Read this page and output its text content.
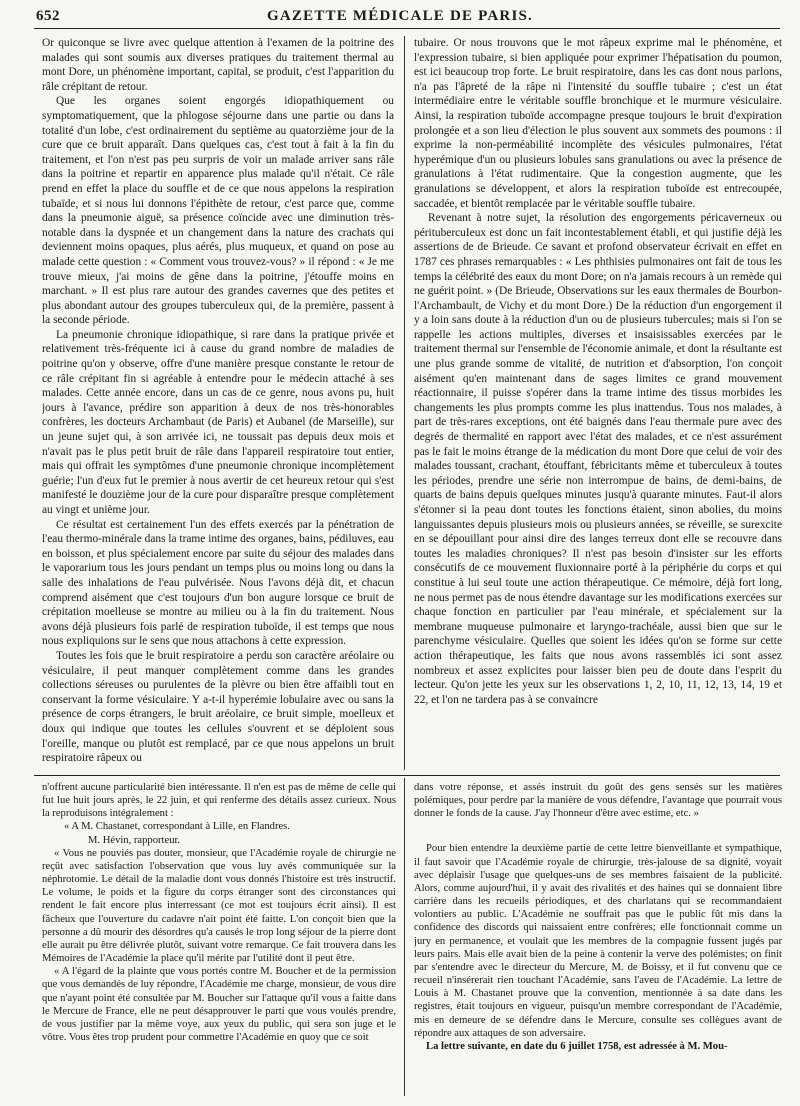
652	GAZETTE MÉDICALE DE PARIS.

Or quiconque se livre avec quelque attention à l'examen de la poitrine des malades qui sont soumis aux diverses pratiques du traitement thermal au mont Dore, un phénomène important, capital, se produit, c'est l'apparition du râle crépitant de retour.

Que les organes soient engorgés idiopathiquement ou symptomatiquement, que la phlogose séjourne dans une partie ou dans la totalité d'un lobe, c'est ordinairement du septième au quatorzième jour de la cure que ce bruit apparaît. Dans quelques cas, c'est tout à fait à la fin du traitement, et l'on n'est pas peu surpris de voir un malade arriver sans râle dans la poitrine et repartir en apparence plus malade qu'il n'était. Ce râle prend en effet la place du souffle et de ce que nous appelons la respiration tubaïde, et si nous lui donnons l'épithète de retour, c'est parce que, comme dans la pneumonie aiguë, sa présence coïncide avec une diminution très-notable dans la dyspnée et un changement dans la nature des crachats qui deviennent moins opaques, plus aérés, plus muqueux, et quand on pose au malade cette question : « Comment vous trouvez-vous? » il répond : « Je me trouve mieux, j'ai moins de gêne dans la poitrine, j'étouffe moins en marchant. » Il est plus rare autour des grandes cavernes que des petites et plus abondant autour des groupes tuberculeux qui, de la première, passent à la seconde période.

La pneumonie chronique idiopathique, si rare dans la pratique privée et relativement très-fréquente ici à cause du grand nombre de maladies de poitrine qu'on y observe, offre d'une manière presque constante le retour de ce râle crépitant fin si agréable à entendre pour le médecin attaché à ses malades. Cette année encore, dans un cas de ce genre, nous avons pu, huit jours à l'avance, prédire son apparition à deux de nos très-honorables confrères, les docteurs Archambaut (de Paris) et Aubanel (de Marseille), sur un jeune sujet qui, à son arrivée ici, ne toussait pas depuis deux mois et n'avait pas le plus petit bruit de râle dans l'appareil respiratoire tout entier, mais qui offrait les symptômes d'une pneumonie chronique incomplètement guérie; l'un d'eux fut le premier à nous avertir de cet heureux retour qui s'est manifesté le douzième jour de la cure pour disparaître presque complètement au vingt et unième jour.

Ce résultat est certainement l'un des effets exercés par la pénétration de l'eau thermo-minérale dans la trame intime des organes, bains, pédiluves, eau en boisson, et plus spécialement encore par suite du séjour des malades dans le vaporarium tous les jours pendant un temps plus ou moins long ou dans la salle des inhalations de l'eau pulvérisée. Nous l'avons déjà dit, et chacun comprend aisément que c'est toujours d'un bon augure lorsque ce bruit de crépitation moelleuse se montre au milieu ou à la fin du traitement. Nous avons déjà plusieurs fois parlé de respiration tuboïde, il est temps que nous nous expliquions sur le sens que nous attachons à cette expression.

Toutes les fois que le bruit respiratoire a perdu son caractère aréolaire ou vésiculaire, il peut manquer complètement comme dans les grandes collections séreuses ou purulentes de la plèvre ou bien être affaibli tout en conservant la forme vésiculaire. Y a-t-il hyperémie lobulaire avec ou sans la présence de corps étrangers, le bruit aréolaire, ce bruit simple, moelleux et doux qui indique que toutes les cellules s'ouvrent et se déploient sous l'oreille, manque ou plutôt est remplacé, par ce que nous appelons un bruit respiratoire râpeux ou

tubaire. Or nous trouvons que le mot râpeux exprime mal le phénomène, et l'expression tubaire, si bien appliquée pour exprimer l'hépatisation du poumon, est ici beaucoup trop forte. Le bruit respiratoire, dans les cas dont nous parlons, n'a pas l'âpreté de la râpe ni l'intensité du souffle tubaire ; c'est un état intermédiaire entre le véritable souffle bronchique et le murmure vésiculaire. Ainsi, la respiration tuboïde accompagne presque toujours le bruit d'expiration prolongée et a son lieu d'élection le plus souvent aux sommets des poumons : il exprime la non-perméabilité incomplète des vésicules pulmonaires, l'état hyperémique d'un ou plusieurs lobules sans granulations ou avec la présence de granulations à l'état rudimentaire. Que la congestion augmente, que les granulations se développent, et alors la respiration tuboïde est entrecoupée, saccadée, et bientôt remplacée par le véritable souffle tubaire.

Revenant à notre sujet, la résolution des engorgements péricaverneux ou péritubercuIeux est donc un fait incontestablement établi, et qui justifie déjà les assertions de de Brieude. Ce savant et profond observateur écrivait en effet en 1787 ces phrases remarquables : « Les phthisies pulmonaires ont fait de tous les temps la célébrité des eaux du mont Dore; on n'a jamais recours à un remède qui ne guérit point. » (De Brieude, Observations sur les eaux thermales de Bourbon-l'Archambault, de Vichy et du mont Dore.) De la réduction d'un engorgement il y a loin sans doute à la réduction d'un ou de plusieurs tubercules; mais si l'on se rappelle les actions multiples, diverses et insaisissables exercées par le traitement thermal sur l'ensemble de l'économie animale, et dont la résultante est une plus grande somme de vitalité, de nutrition et d'absorption, l'on conçoit aisément qu'en maintenant dans de sages limites ce grand mouvement réactionnaire, il puisse s'opérer dans la trame intime des tissus morbides les changements les plus prompts comme les plus inattendus. Tous nos malades, à part de très-rares exceptions, ont été baignés dans l'eau thermale pure avec des degrés de thermalité en rapport avec l'état des malades, et ce n'est assurément pas le fait le moins étrange de la médication du mont Dore que celui de voir des malades toussant, crachant, étouffant, fébricitants même et tuberculeux à toutes les périodes, prendre une série non interrompue de bains, de demi-bains, de quarts de bains depuis quelques minutes jusqu'à quarante minutes. Faut-il alors s'étonner si la peau dont toutes les fonctions étaient, sinon abolies, du moins languissantes depuis plusieurs mois ou plusieurs années, se réveille, se surexcite en se dépouillant pour ainsi dire des langes terreux dont elle se recouvre dans toutes les maladies chroniques? Il n'est pas besoin d'insister sur les efforts consécutifs de ce mouvement fluxionnaire porté à la périphérie du corps et qui constitue à lui seul toute une action thérapeutique. Ce mémoire, déjà fort long, ne nous permet pas de nous étendre davantage sur les modifications exercées sur chaque fonction en particulier par l'eau minérale, et spécialement sur la membrane muqueuse pulmonaire et laryngo-trachéale, aussi bien que sur le parenchyme vésiculaire. Quelles que soient les idées qu'on se forme sur cette action thérapeutique, les faits que nous avons rassemblés ici sont assez nombreux et assez explicites pour laisser bien peu de doute dans l'esprit du lecteur. Qu'on jette les yeux sur les observations 1, 2, 10, 11, 12, 13, 14, 19 et 22, et l'on ne tardera pas à se convaincre

n'offrent aucune particularité bien intéressante. Il n'en est pas de même de celle qui fut lue huit jours après, le 22 juin, et qui renferme des détails assez curieux. Nous la reproduisons intégralement :

« A M. Chastanet, correspondant à Lille, en Flandres.

M. Hévin, rapporteur.

« Vous ne pouviés pas douter, monsieur, que l'Académie royale de chirurgie ne reçût avec satisfaction l'observation que vous luy avés communiquée sur la néphrotomie. Le détail de la maladie dont vous donnés l'histoire est très instructif. Le volume, le poids et la figure du corps étranger sont des circonstances qui rendent le fait encore plus interressant (ce mot est toujours écrit ainsi). Il est fâcheux que l'ouverture du cadavre n'ait point été faitte. L'on conçoit bien que la personne a dû mourir des désordres qu'a causés le trop long séjour de la pierre dont elle aurait pu être délivrée plutôt, suivant votre remarque. Ce fait trouvera dans les Mémoires de l'Académie la place qu'il mérite par l'utilité dont il peut être.

« A l'égard de la plainte que vous portés contre M. Boucher et de la permission que vous demandés de luy répondre, l'Académie me charge, monsieur, de vous dire que n'ayant point été consultée par M. Boucher sur l'attaque qu'il vous a faitte dans le Mercure de France, elle ne peut désapprouver le parti que vous voulés prendre, de vous justifier par la même voye, aux yeux du public, qui sera son juge et le vôtre. Vous êtes trop prudent pour commettre l'Académie en quoy que ce soit

dans votre réponse, et assés instruit du goût des gens sensés sur les matières polémiques, pour perdre par la manière de vous défendre, l'avantage que pourrait vous donner le fonds de la cause. J'ay l'honneur d'être avec estime, etc. »

Pour bien entendre la deuxième partie de cette lettre bienveillante et sympathique, il faut savoir que l'Académie royale de chirurgie, très-jalouse de sa dignité, voyait avec déplaisir l'usage que quelques-uns de ses membres faisaient de la publicité. Alors, comme aujourd'hui, il y avait des rivalités et des haines qui se donnaient libre carrière dans les recueils périodiques, et des charlatans qui se recommandaient volontiers au public. L'Académie ne souffrait pas que le public fût mis dans la confidence des discords qui naissaient entre confrères; elle fonctionnait comme un jury en permanence, et voulait que les membres de la compagnie fussent jugés par leurs pairs. Mais elle avait bien de la peine à contenir la verve des polémistes; on finit par s'entendre avec le directeur du Mercure, M. de Boissy, et il fut convenu que ce recueil n'insérerait rien touchant l'Académie, sans l'aveu de l'Académie. La lettre de Louis à M. Chastanet prouve que la convention, mentionnée à sa date dans les registres, était toujours en vigueur, puisqu'un membre correspondant de l'Académie, mis en demeure de se défendre dans le Mercure, consulte ses collègues avant de répondre aux attaques de son adversaire.

La lettre suivante, en date du 6 juillet 1758, est adressée à M. Mou-
